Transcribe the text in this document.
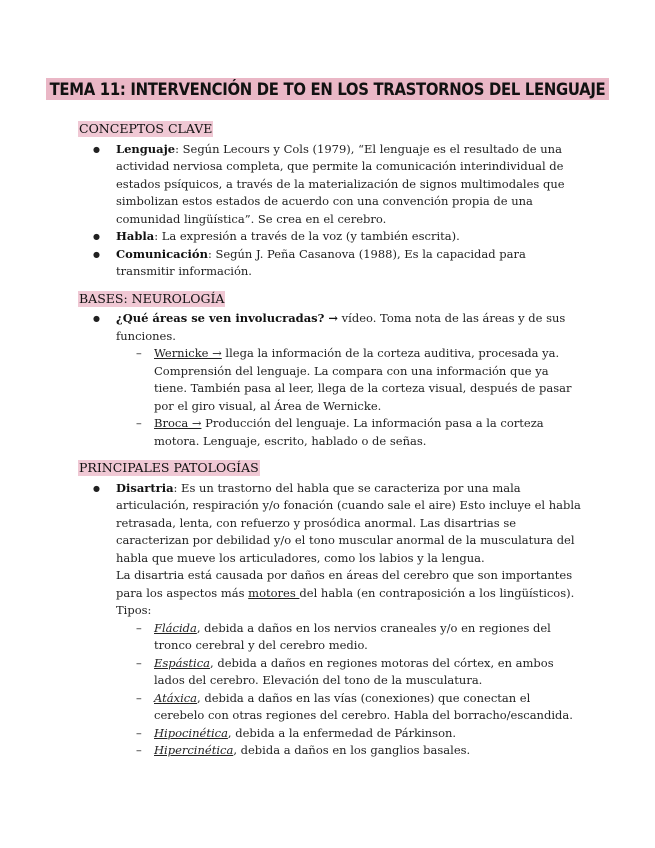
TEMA 11: INTERVENCIÓN DE TO EN LOS TRASTORNOS DEL LENGUAJE
CONCEPTOS CLAVE
● Lenguaje: Según Lecours y Cols (1979), “El lenguaje es el resultado de una actividad nerviosa completa, que permite la comunicación interindividual de estados psíquicos, a través de la materialización de signos multimodales que simbolizan estos estados de acuerdo con una convención propia de una comunidad lingüística”. Se crea en el cerebro.
● Habla: La expresión a través de la voz (y también escrita).
● Comunicación: Según J. Peña Casanova (1988), Es la capacidad para transmitir información.
BASES: NEUROLOGÍA
● ¿Qué áreas se ven involucradas? → vídeo. Toma nota de las áreas y de sus funciones.
– Wernicke → llega la información de la corteza auditiva, procesada ya. Comprensión del lenguaje. La compara con una información que ya tiene. También pasa al leer, llega de la corteza visual, después de pasar por el giro visual, al Área de Wernicke.
– Broca → Producción del lenguaje. La información pasa a la corteza motora. Lenguaje, escrito, hablado o de señas.
PRINCIPALES PATOLOGÍAS
● Disartria: Es un trastorno del habla que se caracteriza por una mala articulación, respiración y/o fonación (cuando sale el aire) Esto incluye el habla retrasada, lenta, con refuerzo y prosódica anormal. Las disartrias se caracterizan por debilidad y/o el tono muscular anormal de la musculatura del habla que mueve los articuladores, como los labios y la lengua.
La disartria está causada por daños en áreas del cerebro que son importantes para los aspectos más motores del habla (en contraposición a los lingüísticos).
Tipos:
– Flácida, debida a daños en los nervios craneales y/o en regiones del tronco cerebral y del cerebro medio.
– Espástica, debida a daños en regiones motoras del córtex, en ambos lados del cerebro. Elevación del tono de la musculatura.
– Atáxica, debida a daños en las vías (conexiones) que conectan el cerebelo con otras regiones del cerebro. Habla del borracho/escandida.
– Hipocinética, debida a la enfermedad de Párkinson.
– Hipercinética, debida a daños en los ganglios basales.
